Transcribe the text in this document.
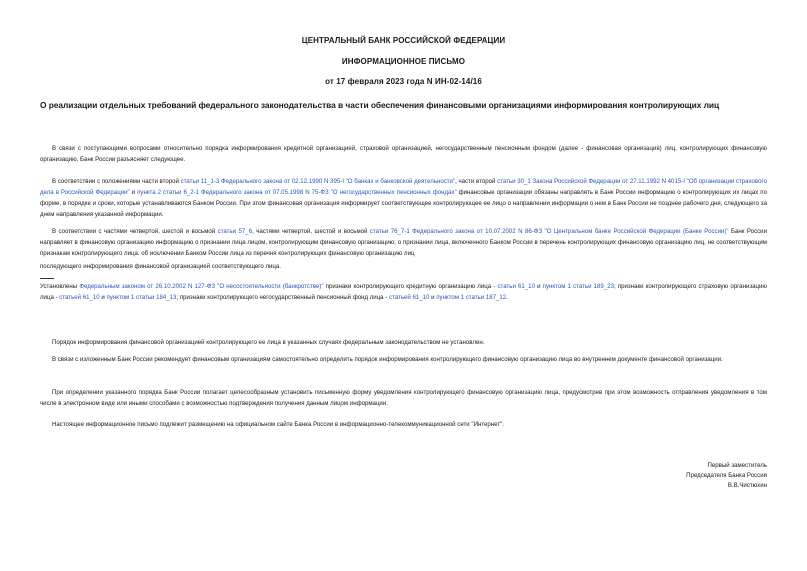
ЦЕНТРАЛЬНЫЙ БАНК РОССИЙСКОЙ ФЕДЕРАЦИИ
ИНФОРМАЦИОННОЕ ПИСЬМО
от 17 февраля 2023 года N ИН-02-14/16
О реализации отдельных требований федерального законодательства в части обеспечения финансовыми организациями информирования контролирующих лиц
В связи с поступающими вопросами относительно порядка информирования кредитной организацией, страховой организацией, негосударственным пенсионным фондом (далее - финансовая организация) лиц, контролирующих финансовую организацию, Банк России разъясняет следующее.
В соответствии с положениями части второй статьи 11_1-3 Федерального закона от 02.12.1990 N 395-I "О банках и банковской деятельности", части второй статьи 30_1 Закона Российской Федерации от 27.11.1992 N 4015-I "Об организации страхового дела в Российской Федерации" и пункта 2 статьи 6_2-1 Федерального закона от 07.05.1998 N 75-ФЗ "О негосударственных пенсионных фондах" финансовые организации обязаны направлять в Банк России информацию о контролирующих их лицах по форме, в порядке и сроки, которые устанавливаются Банком России. При этом финансовая организация информирует соответствующее контролирующее ее лицо о направлении информации о нем в Банк России не позднее рабочего дня, следующего за днем направления указанной информации.
В соответствии с частями четвертой, шестой и восьмой статьи 57_6, частями четвертой, шестой и восьмой статьи 76_7-1 Федерального закона от 10.07.2002 N 86-ФЗ "О Центральном банке Российской Федерации (Банке России)" Банк России направляет в финансовую организацию информацию о признании лица лицом, контролирующим финансовую организацию; о признании лица, включенного Банком России в перечень контролирующих финансовую организацию лиц, не соответствующим признакам контролирующего лица. об исключении Банком России лица из перечня контролирующих финансовую организацию лиц
последующего информирования финансовой организацией соответствующего лица.
Установлены Федеральным законом от 26.10.2002 N 127-ФЗ "О несостоятельности (банкротстве)" признаки контролирующего кредитную организацию лица - статьи 61_10 и пунктом 1 статьи 189_23; признаки контролирующего страховую организацию лица - статьей 61_10 и пунктом 1 статьи 184_13; признаки контролирующего негосударственный пенсионный фонд лица - статьей 61_10 и пунктом 1 статьи 187_12.
Порядок информирования финансовой организацией контролирующего ее лица в указанных случаях федеральным законодательством не установлен.
В связи с изложенным Банк России рекомендует финансовым организациям самостоятельно определить порядок информирования контролирующего финансовую организацию лица во внутреннем документе финансовой организации.
При определении указанного порядка Банк России полагает целесообразным установить письменную форму уведомления контролирующего финансовую организацию лица, предусмотрев при этом возможность отправления уведомления в том числе в электронном виде или иными способами с возможностью подтверждения получения данным лицом информации.
Настоящее информационное письмо подлежит размещению на официальном сайте Банка России в информационно-телекоммуникационной сети "Интернет".
Первый заместитель
Председателя Банка России
В.В.Чистюхин
